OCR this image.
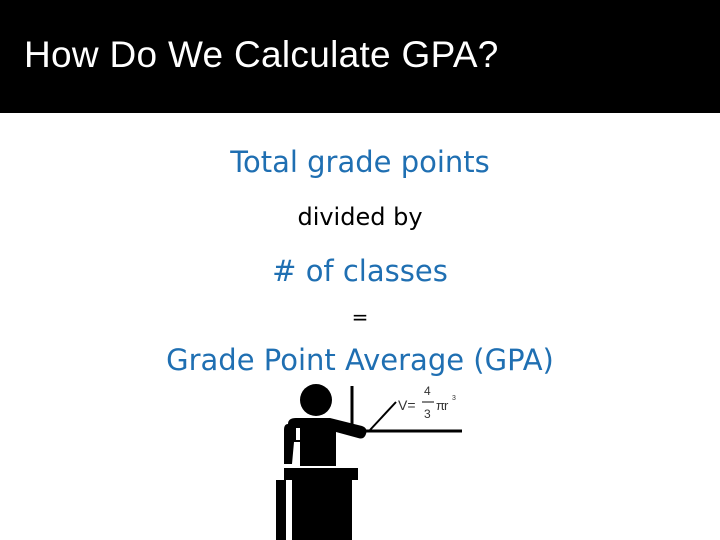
How Do We Calculate GPA?
Total grade points
divided by
# of classes
=
Grade Point Average (GPA)
V=
4
3
π r 3
